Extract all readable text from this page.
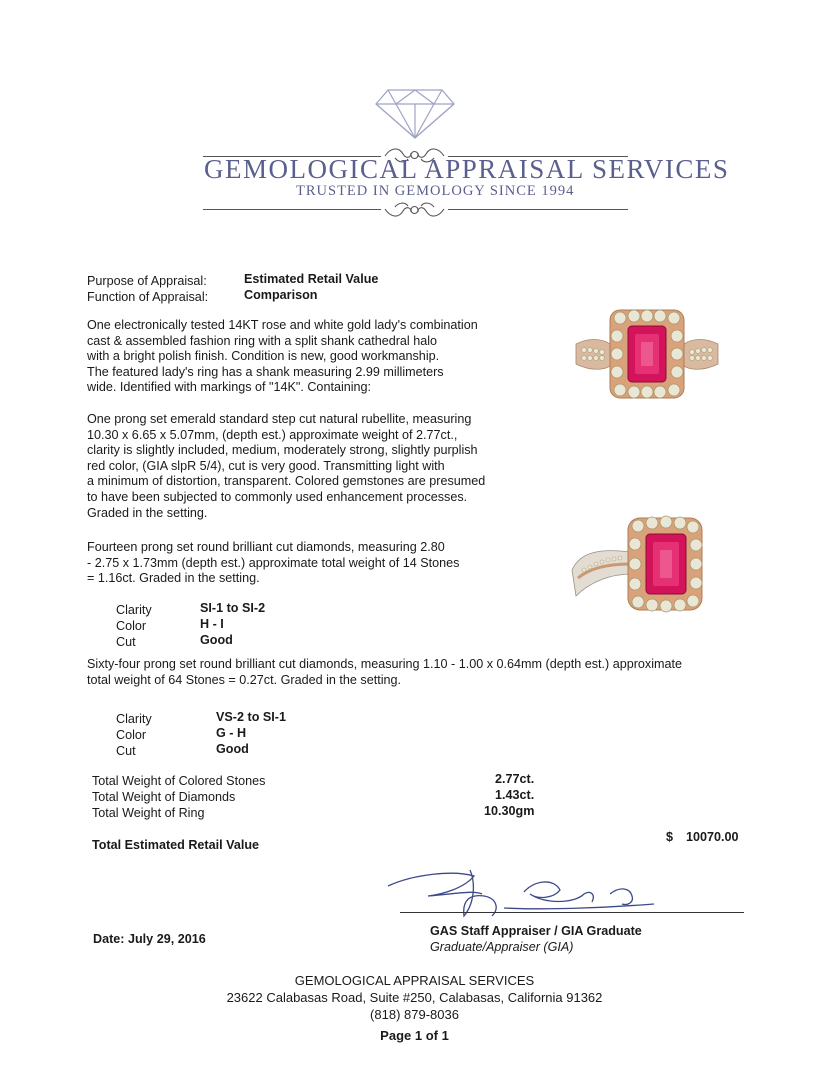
GEMOLOGICAL APPRAISAL SERVICES
TRUSTED IN GEMOLOGY SINCE 1994
Purpose of Appraisal:	Estimated Retail Value
Function of Appraisal:	Comparison
One electronically tested 14KT rose and white gold lady's combination
cast & assembled fashion ring with a split shank cathedral halo
with a bright polish finish. Condition is new, good workmanship.
The featured lady's ring has a shank measuring 2.99 millimeters
wide. Identified with markings of "14K". Containing:
One prong set emerald standard step cut natural rubellite, measuring
10.30 x 6.65 x 5.07mm, (depth est.) approximate weight of 2.77ct.,
clarity is slightly included, medium, moderately strong, slightly purplish
red color, (GIA slpR 5/4), cut is very good. Transmitting light with
a minimum of distortion, transparent. Colored gemstones are presumed
to have been subjected to commonly used enhancement processes.
Graded in the setting.
Fourteen prong set round brilliant cut diamonds, measuring 2.80
- 2.75 x 1.73mm (depth est.) approximate total weight of 14 Stones
= 1.16ct. Graded in the setting.
Clarity	SI-1 to SI-2
Color	H - I
Cut	Good
Sixty-four prong set round brilliant cut diamonds, measuring 1.10 - 1.00 x 0.64mm (depth est.) approximate
total weight of 64 Stones = 0.27ct. Graded in the setting.
Clarity	VS-2 to SI-1
Color	G - H
Cut	Good
Total Weight of Colored Stones	2.77ct.
Total Weight of Diamonds	1.43ct.
Total Weight of Ring	10.30gm
Total Estimated Retail Value
$ 10070.00
Date: July 29, 2016
GAS Staff Appraiser / GIA Graduate
Graduate/Appraiser (GIA)
GEMOLOGICAL APPRAISAL SERVICES
23622 Calabasas Road, Suite #250, Calabasas, California 91362
(818) 879-8036
Page 1 of 1
